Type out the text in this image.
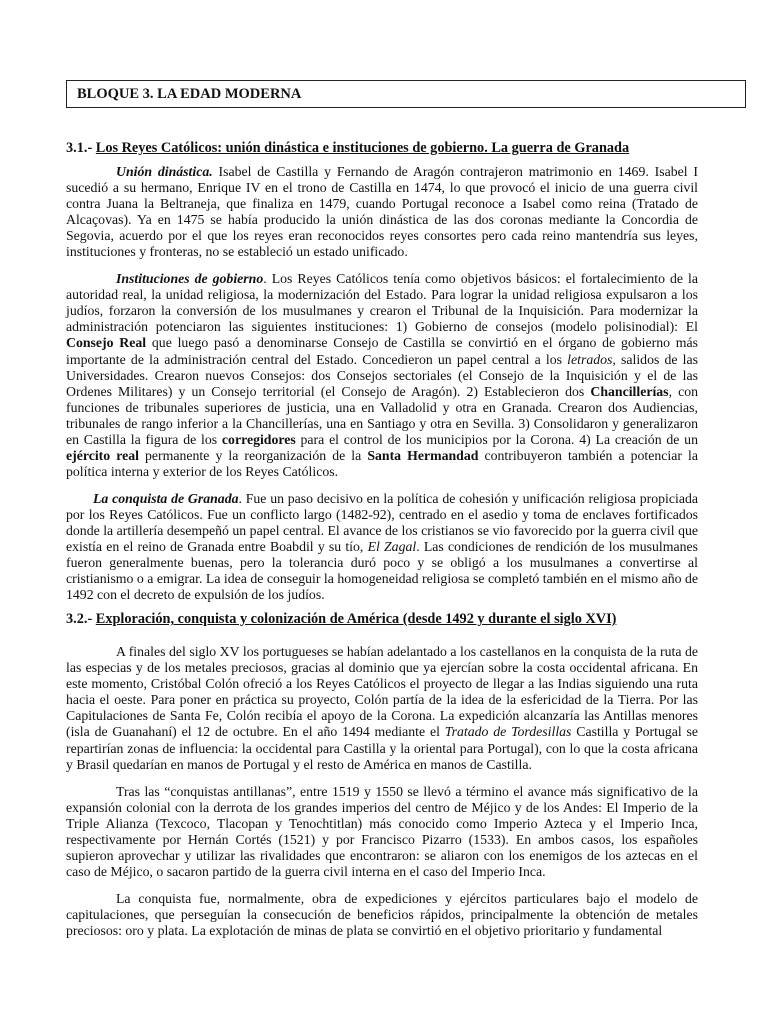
BLOQUE 3. LA EDAD MODERNA
3.1.- Los Reyes Católicos: unión dinástica e instituciones de gobierno. La guerra de Granada

Unión dinástica. Isabel de Castilla y Fernando de Aragón contrajeron matrimonio en 1469. Isabel I sucedió a su hermano, Enrique IV en el trono de Castilla en 1474, lo que provocó el inicio de una guerra civil contra Juana la Beltraneja, que finaliza en 1479, cuando Portugal reconoce a Isabel como reina (Tratado de Alcaçovas). Ya en 1475 se había producido la unión dinástica de las dos coronas mediante la Concordia de Segovia, acuerdo por el que los reyes eran reconocidos reyes consortes pero cada reino mantendría sus leyes, instituciones y fronteras, no se estableció un estado unificado.

Instituciones de gobierno. Los Reyes Católicos tenía como objetivos básicos: el fortalecimiento de la autoridad real, la unidad religiosa, la modernización del Estado. Para lograr la unidad religiosa expulsaron a los judíos, forzaron la conversión de los musulmanes y crearon el Tribunal de la Inquisición. Para modernizar la administración potenciaron las siguientes instituciones: 1) Gobierno de consejos (modelo polisinodial): El Consejo Real que luego pasó a denominarse Consejo de Castilla se convirtió en el órgano de gobierno más importante de la administración central del Estado. Concedieron un papel central a los letrados, salidos de las Universidades. Crearon nuevos Consejos: dos Consejos sectoriales (el Consejo de la Inquisición y el de las Ordenes Militares) y un Consejo territorial (el Consejo de Aragón). 2) Establecieron dos Chancillerías, con funciones de tribunales superiores de justicia, una en Valladolid y otra en Granada. Crearon dos Audiencias, tribunales de rango inferior a la Chancillerías, una en Santiago y otra en Sevilla. 3) Consolidaron y generalizaron en Castilla la figura de los corregidores para el control de los municipios por la Corona. 4) La creación de un ejército real permanente y la reorganización de la Santa Hermandad contribuyeron también a potenciar la política interna y exterior de los Reyes Católicos.

La conquista de Granada. Fue un paso decisivo en la política de cohesión y unificación religiosa propiciada por los Reyes Católicos. Fue un conflicto largo (1482-92), centrado en el asedio y toma de enclaves fortificados donde la artillería desempeñó un papel central. El avance de los cristianos se vio favorecido por la guerra civil que existía en el reino de Granada entre Boabdil y su tío, El Zagal. Las condiciones de rendición de los musulmanes fueron generalmente buenas, pero la tolerancia duró poco y se obligó a los musulmanes a convertirse al cristianismo o a emigrar. La idea de conseguir la homogeneidad religiosa se completó también en el mismo año de 1492 con el decreto de expulsión de los judíos.

3.2.- Exploración, conquista y colonización de América (desde 1492 y durante el siglo XVI)

A finales del siglo XV los portugueses se habían adelantado a los castellanos en la conquista de la ruta de las especias y de los metales preciosos, gracias al dominio que ya ejercían sobre la costa occidental africana. En este momento, Cristóbal Colón ofreció a los Reyes Católicos el proyecto de llegar a las Indias siguiendo una ruta hacia el oeste. Para poner en práctica su proyecto, Colón partía de la idea de la esfericidad de la Tierra. Por las Capitulaciones de Santa Fe, Colón recibía el apoyo de la Corona. La expedición alcanzaría las Antillas menores (isla de Guanahaní) el 12 de octubre. En el año 1494 mediante el Tratado de Tordesillas Castilla y Portugal se repartirían zonas de influencia: la occidental para Castilla y la oriental para Portugal), con lo que la costa africana y Brasil quedarían en manos de Portugal y el resto de América en manos de Castilla.

Tras las “conquistas antillanas”, entre 1519 y 1550 se llevó a término el avance más significativo de la expansión colonial con la derrota de los grandes imperios del centro de Méjico y de los Andes: El Imperio de la Triple Alianza (Texcoco, Tlacopan y Tenochtitlan) más conocido como Imperio Azteca y el Imperio Inca, respectivamente por Hernán Cortés (1521) y por Francisco Pizarro (1533). En ambos casos, los españoles supieron aprovechar y utilizar las rivalidades que encontraron: se aliaron con los enemigos de los aztecas en el caso de Méjico, o sacaron partido de la guerra civil interna en el caso del Imperio Inca.

La conquista fue, normalmente, obra de expediciones y ejércitos particulares bajo el modelo de capitulaciones, que perseguían la consecución de beneficios rápidos, principalmente la obtención de metales preciosos: oro y plata. La explotación de minas de plata se convirtió en el objetivo prioritario y fundamental
